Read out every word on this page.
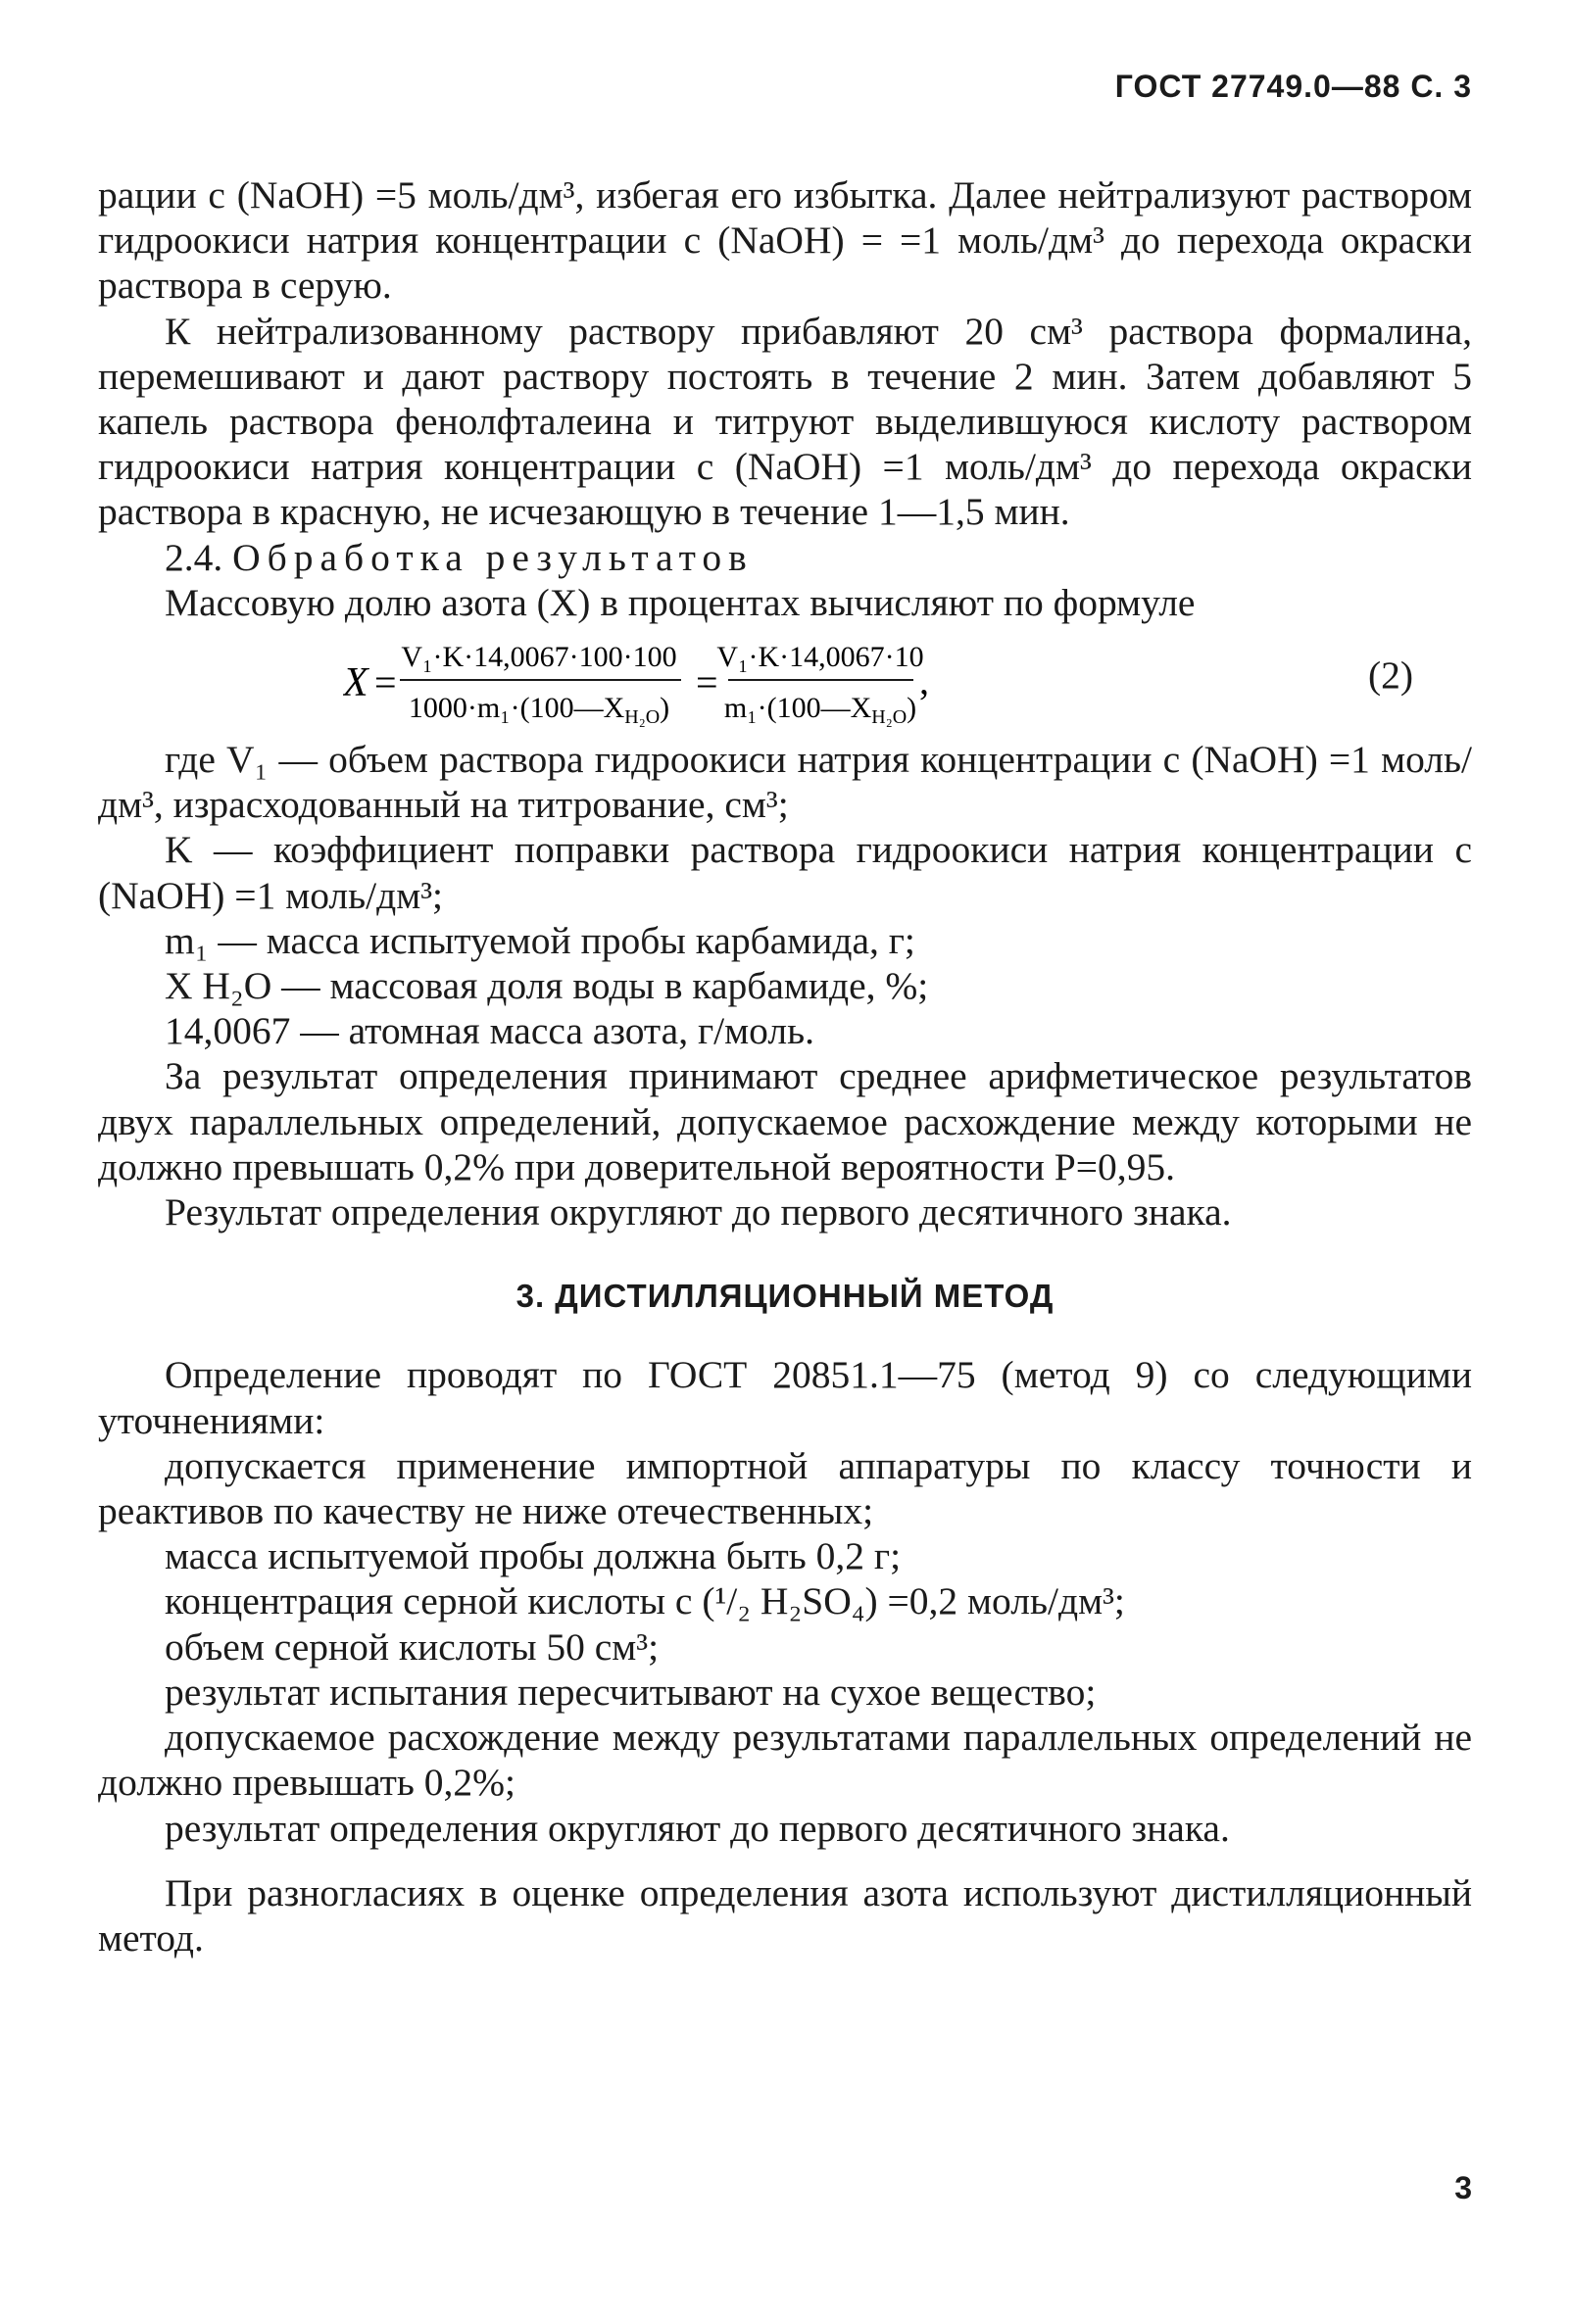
ГОСТ 27749.0—88 С. 3

рации c (NaOH) =5 моль/дм³, избегая его избытка. Далее нейтрализуют раствором гидроокиси натрия концентрации c (NaOH) = =1 моль/дм³ до перехода окраски раствора в серую.

К нейтрализованному раствору прибавляют 20 см³ раствора формалина, перемешивают и дают раствору постоять в течение 2 мин. Затем добавляют 5 капель раствора фенолфталеина и титруют выделившуюся кислоту раствором гидроокиси натрия концентрации c (NaOH) =1 моль/дм³ до перехода окраски раствора в красную, не исчезающую в течение 1—1,5 мин.

2.4. Обработка результатов

Массовую долю азота (X) в процентах вычисляют по формуле

X =
V₁·K·14,0067·100·100
$1000\cdot m_1\cdot(100—X_{H_2O})$
=
V₁·K·14,0067·10
$m_1\cdot(100—X_{H_2O})$
,	(2)

где V₁ — объем раствора гидроокиси натрия концентрации c (NaOH) =1 моль/дм³, израсходованный на титрование, см³;

K — коэффициент поправки раствора гидроокиси натрия концентрации c (NaOH) =1 моль/дм³;

m₁ — масса испытуемой пробы карбамида, г;

X H₂O — массовая доля воды в карбамиде, %;

14,0067 — атомная масса азота, г/моль.

За результат определения принимают среднее арифметическое результатов двух параллельных определений, допускаемое расхождение между которыми не должно превышать 0,2% при доверительной вероятности P=0,95.

Результат определения округляют до первого десятичного знака.

3. ДИСТИЛЛЯЦИОННЫЙ МЕТОД

Определение проводят по ГОСТ 20851.1—75 (метод 9) со следующими уточнениями:

допускается применение импортной аппаратуры по классу точности и реактивов по качеству не ниже отечественных;

масса испытуемой пробы должна быть 0,2 г;

концентрация серной кислоты c (¹/₂ H₂SO₄) =0,2 моль/дм³;

объем серной кислоты 50 см³;

результат испытания пересчитывают на сухое вещество;

допускаемое расхождение между результатами параллельных определений не должно превышать 0,2%;

результат определения округляют до первого десятичного знака.

При разногласиях в оценке определения азота используют дистилляционный метод.

3
